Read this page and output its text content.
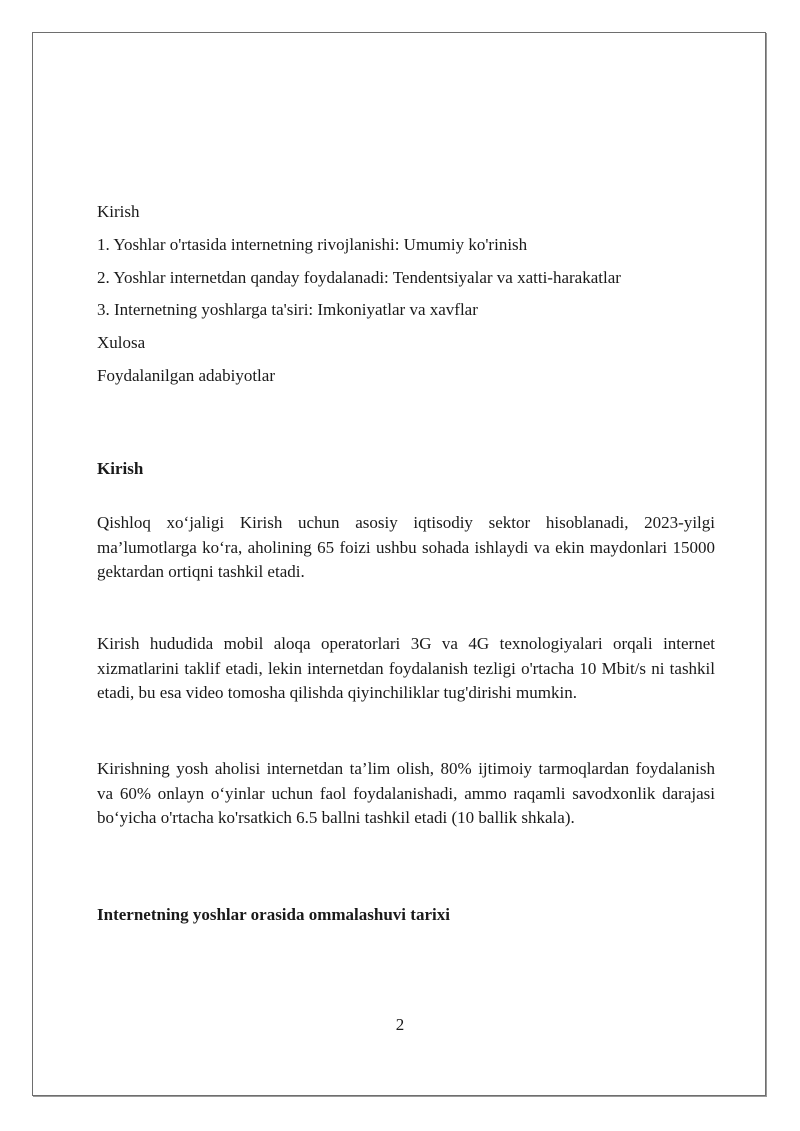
Kirish
1. Yoshlar o'rtasida internetning rivojlanishi: Umumiy ko'rinish
2. Yoshlar internetdan qanday foydalanadi: Tendentsiyalar va xatti-harakatlar
3. Internetning yoshlarga ta'siri: Imkoniyatlar va xavflar
Xulosa
Foydalanilgan adabiyotlar
Kirish

Qishloq xo‘jaligi Kirish uchun asosiy iqtisodiy sektor hisoblanadi, 2023-yilgi ma’lumotlarga ko‘ra, aholining 65 foizi ushbu sohada ishlaydi va ekin maydonlari 15000 gektardan ortiqni tashkil etadi.

Kirish hududida mobil aloqa operatorlari 3G va 4G texnologiyalari orqali internet xizmatlarini taklif etadi, lekin internetdan foydalanish tezligi o'rtacha 10 Mbit/s ni tashkil etadi, bu esa video tomosha qilishda qiyinchiliklar tug'dirishi mumkin.

Kirishning yosh aholisi internetdan ta’lim olish, 80% ijtimoiy tarmoqlardan foydalanish va 60% onlayn o‘yinlar uchun faol foydalanishadi, ammo raqamli savodxonlik darajasi bo‘yicha o'rtacha ko'rsatkich 6.5 ballni tashkil etadi (10 ballik shkala).

Internetning yoshlar orasida ommalashuvi tarixi
2
